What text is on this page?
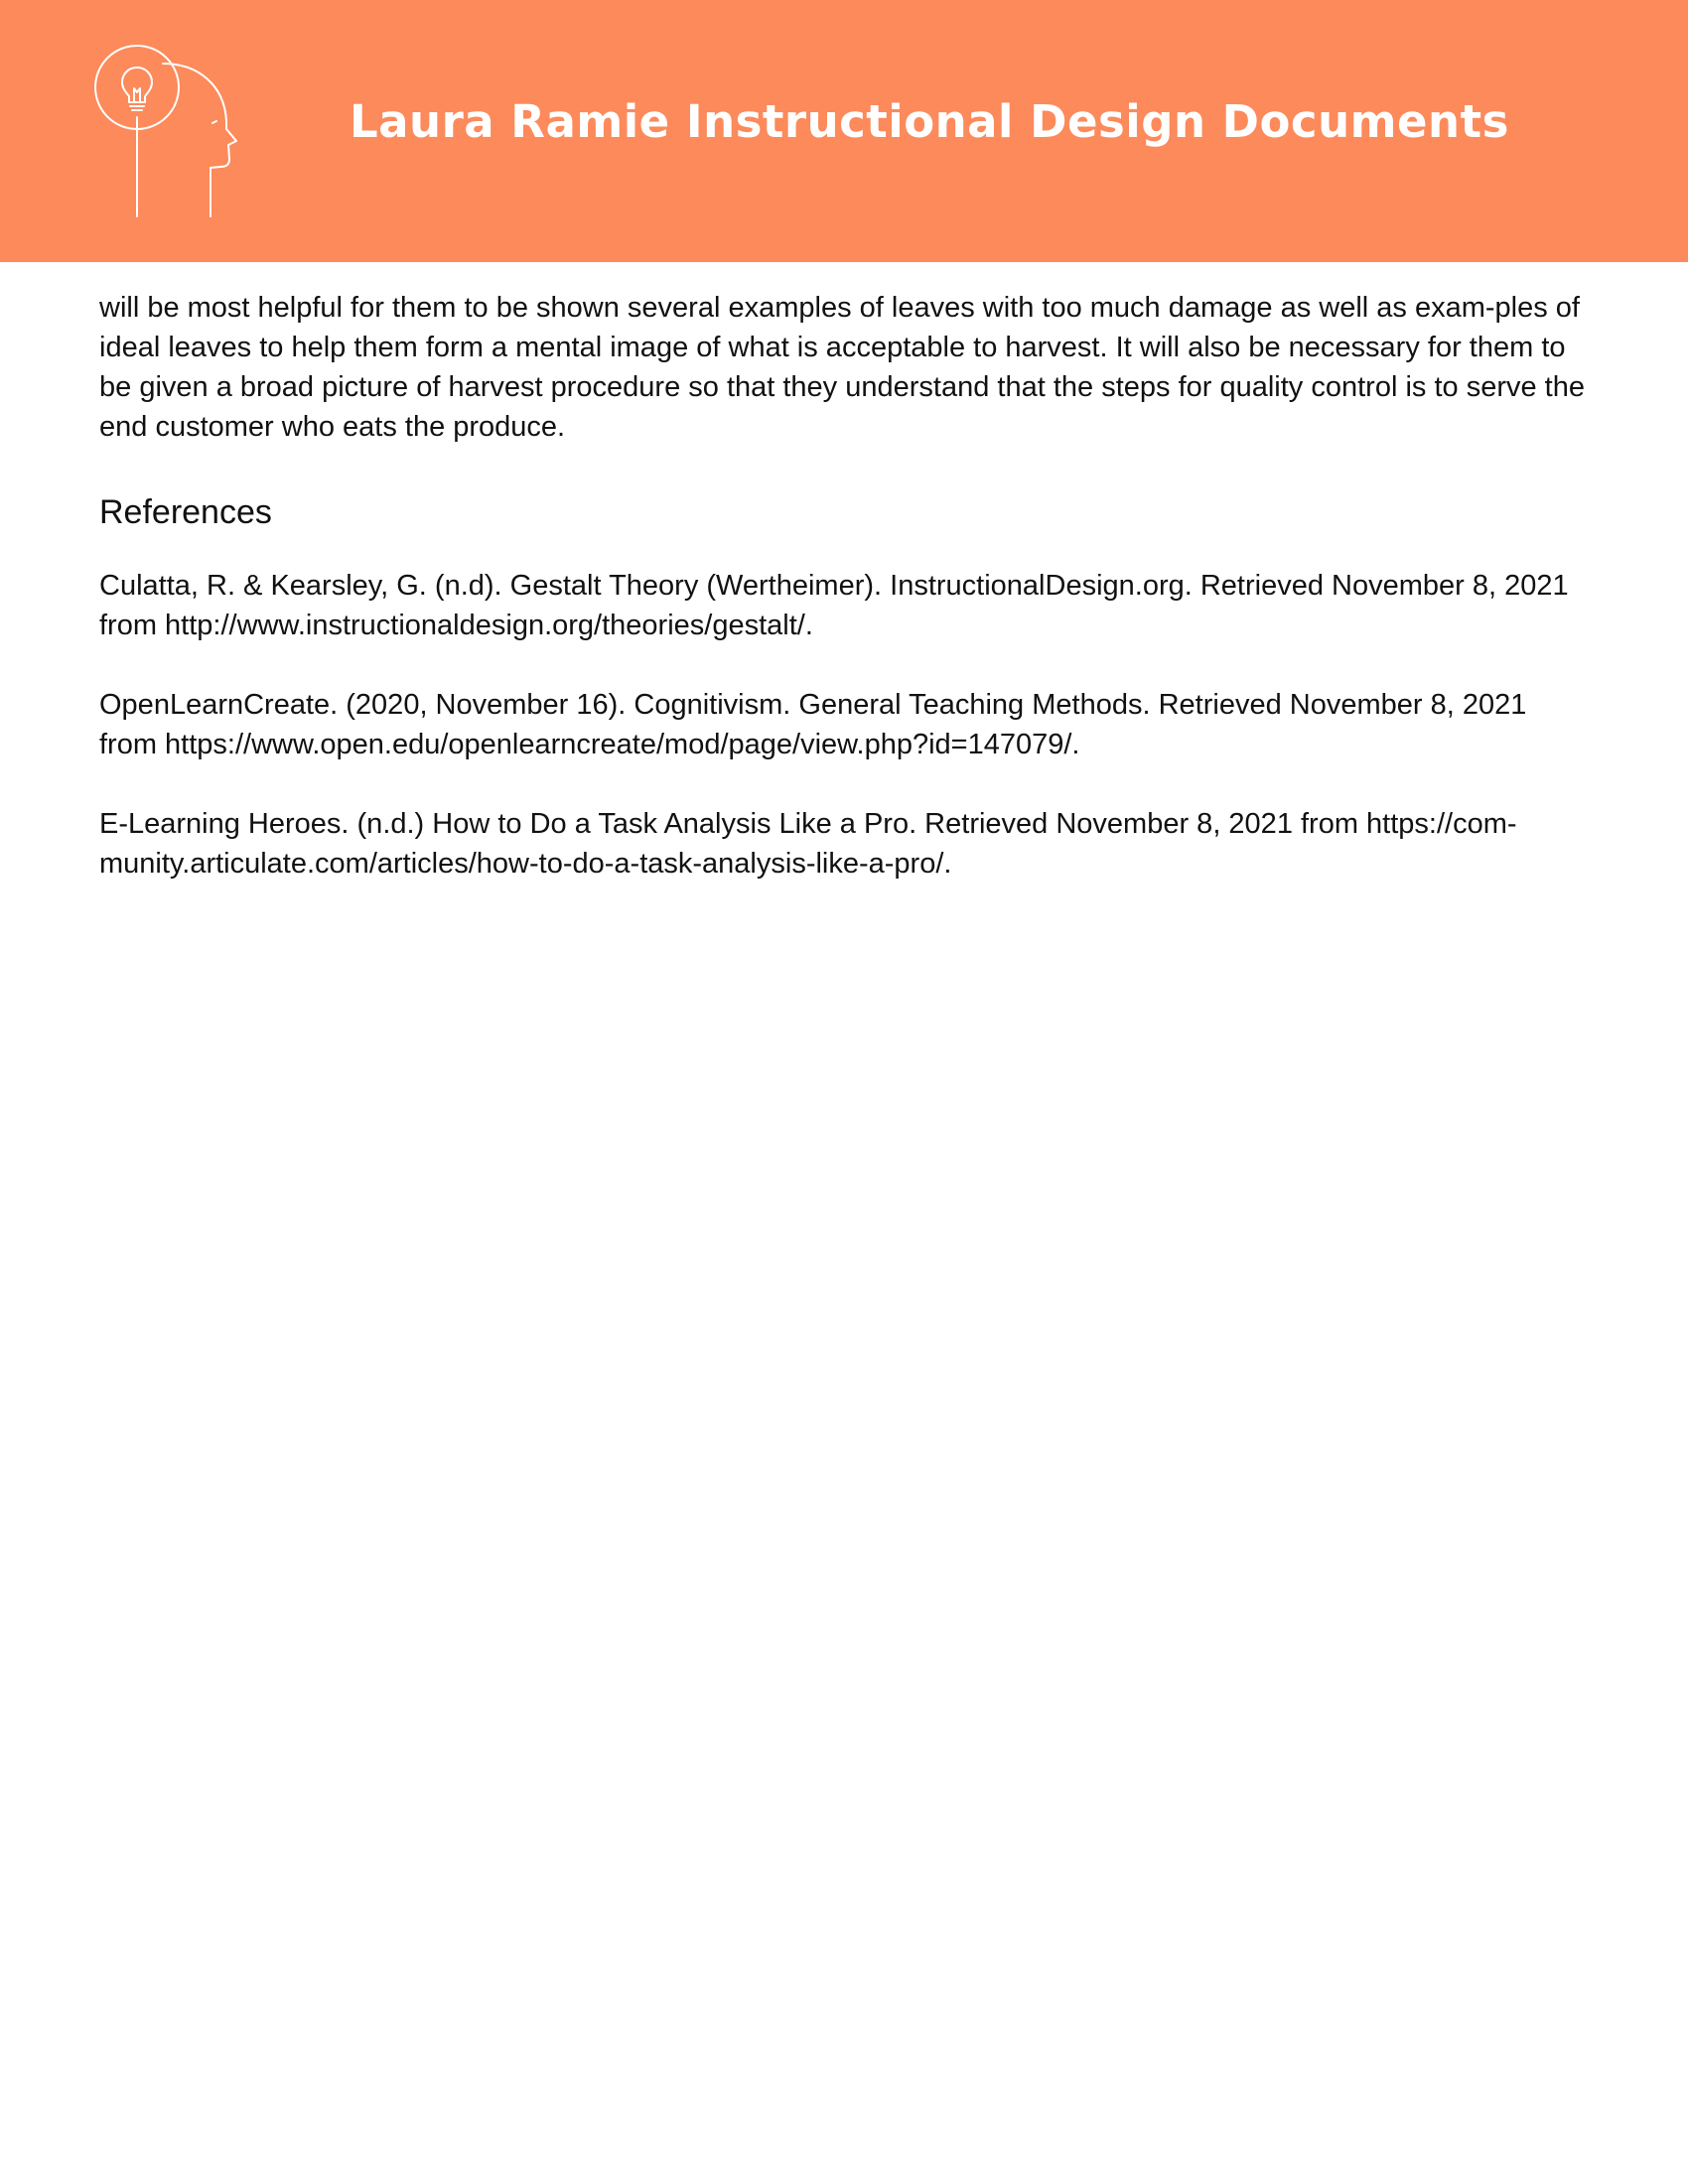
Laura Ramie Instructional Design Documents

will be most helpful for them to be shown several examples of leaves with too much damage as well as exam-ples of ideal leaves to help them form a mental image of what is acceptable to harvest. It will also be necessary for them to be given a broad picture of harvest procedure so that they understand that the steps for quality control is to serve the end customer who eats the produce.

References
Culatta, R. & Kearsley, G. (n.d). Gestalt Theory (Wertheimer). InstructionalDesign.org. Retrieved November 8, 2021 from http://www.instructionaldesign.org/theories/gestalt/.
OpenLearnCreate. (2020, November 16). Cognitivism. General Teaching Methods. Retrieved November 8, 2021 from https://www.open.edu/openlearncreate/mod/page/view.php?id=147079/.
E-Learning Heroes. (n.d.) How to Do a Task Analysis Like a Pro. Retrieved November 8, 2021 from https://com-munity.articulate.com/articles/how-to-do-a-task-analysis-like-a-pro/.
